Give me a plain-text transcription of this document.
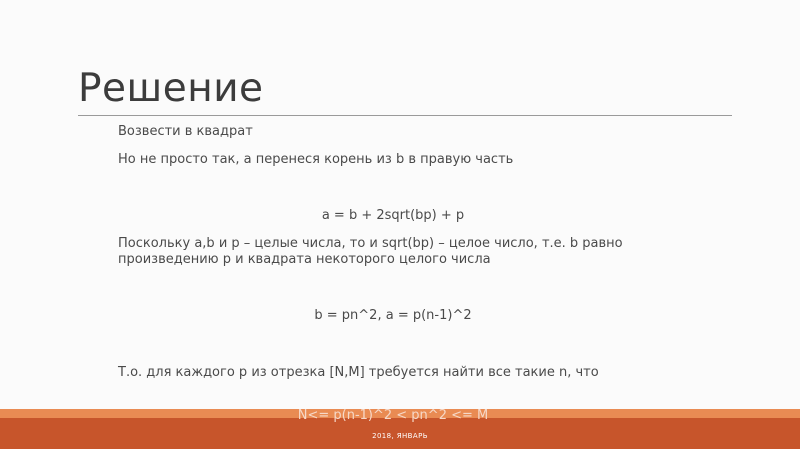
Решение
Возвести в квадрат
Но не просто так, а перенеся корень из b в правую часть
a = b + 2sqrt(bp) + p
Поскольку a,b и p – целые числа, то и sqrt(bp) – целое число, т.е. b равно произведению p и квадрата некоторого целого числа
b = pn^2, a = p(n-1)^2
Т.о. для каждого p из отрезка [N,M] требуется найти все такие n, что
N<= p(n-1)^2 < pn^2 <= M
2018, ЯНВАРЬ
